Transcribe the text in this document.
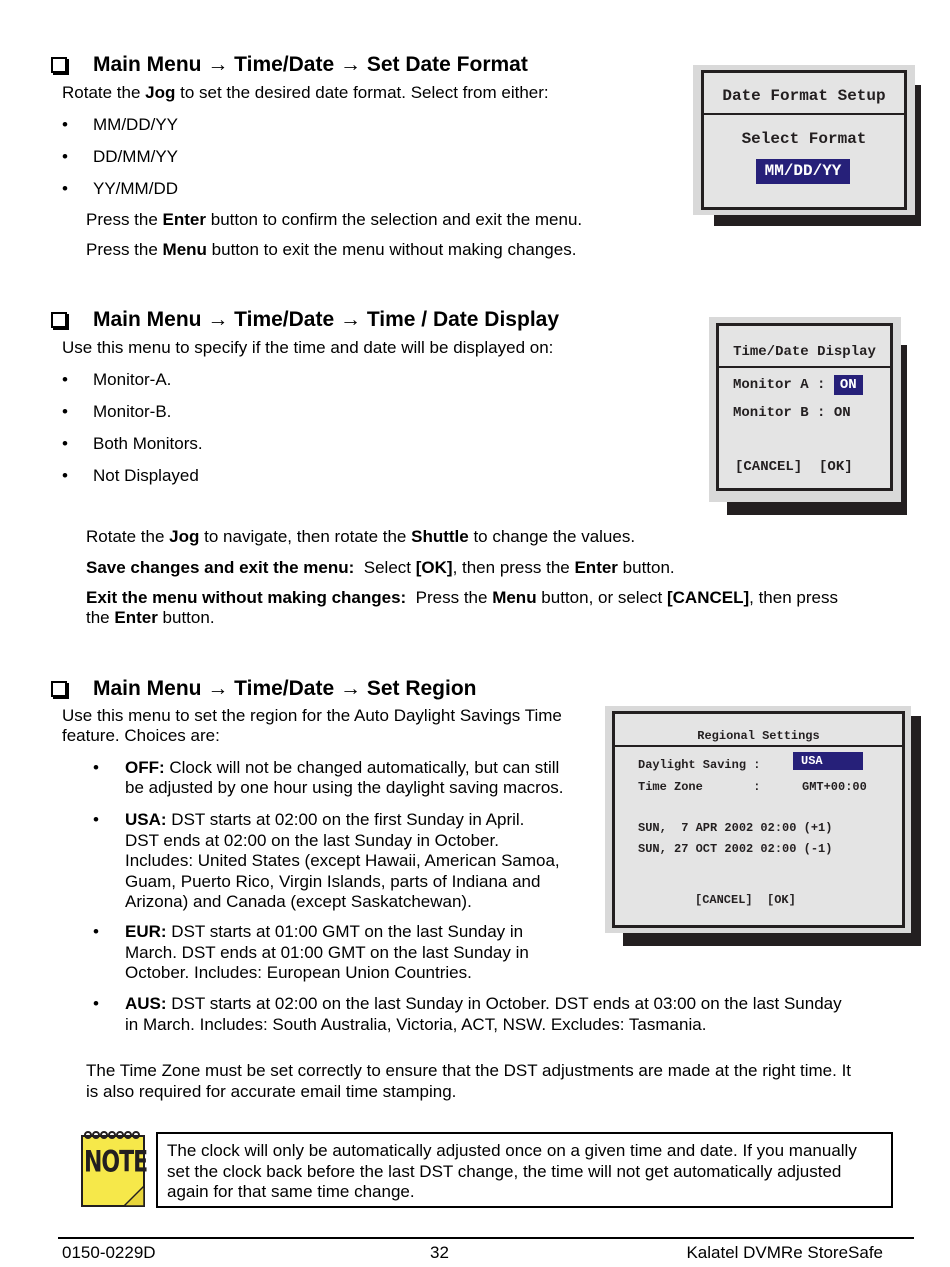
Main Menu → Time/Date → Set Date Format
Rotate the Jog to set the desired date format. Select from either:
• MM/DD/YY
• DD/MM/YY
• YY/MM/DD
Press the Enter button to confirm the selection and exit the menu.
Press the Menu button to exit the menu without making changes.
Date Format Setup
Select Format
MM/DD/YY
Main Menu → Time/Date → Time / Date Display
Use this menu to specify if the time and date will be displayed on:
• Monitor-A.
• Monitor-B.
• Both Monitors.
• Not Displayed
Rotate the Jog to navigate, then rotate the Shuttle to change the values.
Save changes and exit the menu:  Select [OK], then press the Enter button.
Exit the menu without making changes:  Press the Menu button, or select [CANCEL], then press
the Enter button.
Time/Date Display
Monitor A : ON
Monitor B : ON
[CANCEL]  [OK]
Main Menu → Time/Date → Set Region
Use this menu to set the region for the Auto Daylight Savings Time
feature. Choices are:
• OFF: Clock will not be changed automatically, but can still
be adjusted by one hour using the daylight saving macros.
• USA: DST starts at 02:00 on the first Sunday in April.
DST ends at 02:00 on the last Sunday in October.
Includes: United States (except Hawaii, American Samoa,
Guam, Puerto Rico, Virgin Islands, parts of Indiana and
Arizona) and Canada (except Saskatchewan).
• EUR: DST starts at 01:00 GMT on the last Sunday in
March. DST ends at 01:00 GMT on the last Sunday in
October. Includes: European Union Countries.
• AUS: DST starts at 02:00 on the last Sunday in October. DST ends at 03:00 on the last Sunday
in March. Includes: South Australia, Victoria, ACT, NSW. Excludes: Tasmania.
The Time Zone must be set correctly to ensure that the DST adjustments are made at the right time. It
is also required for accurate email time stamping.
Regional Settings
Daylight Saving :	USA
Time Zone       :	GMT+00:00
SUN,  7 APR 2002 02:00 (+1)
SUN, 27 OCT 2002 02:00 (-1)
[CANCEL]  [OK]
NOTE The clock will only be automatically adjusted once on a given time and date. If you manually
set the clock back before the last DST change, the time will not get automatically adjusted
again for that same time change.
0150-0229D	32	Kalatel DVMRe StoreSafe
